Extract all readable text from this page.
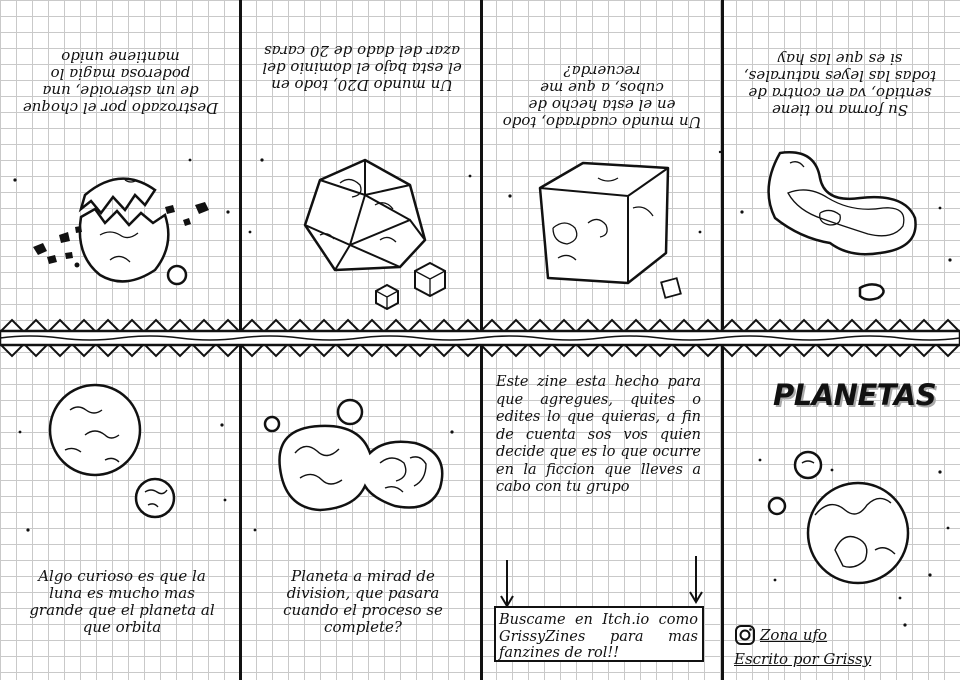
Destrozado por el choque de un asteroide, una poderosa magia lo mantiene unido
Un mundo D20, todo en el esta bajo el dominio del azar del dado de 20 caras
Un mundo cuadrado, todo en el esta hecho de cubos, a que me recuerda?
Su forma no tiene sentido, va en contra de todas las leyes naturales, si es que las hay
Este zine esta hecho para que agregues, quites o edites lo que quieras, a fin de cuenta sos vos quien decide que es lo que ocurre en la ficcion que lleves a cabo con tu grupo
Buscame en Itch.io como GrissyZines para mas fanzines de rol!!
PLANETAS
Zona ufo
Escrito por Grissy
Algo curioso es que la luna es mucho mas grande que el planeta al que orbita
Planeta a mirad de division, que pasara cuando el proceso se complete?
